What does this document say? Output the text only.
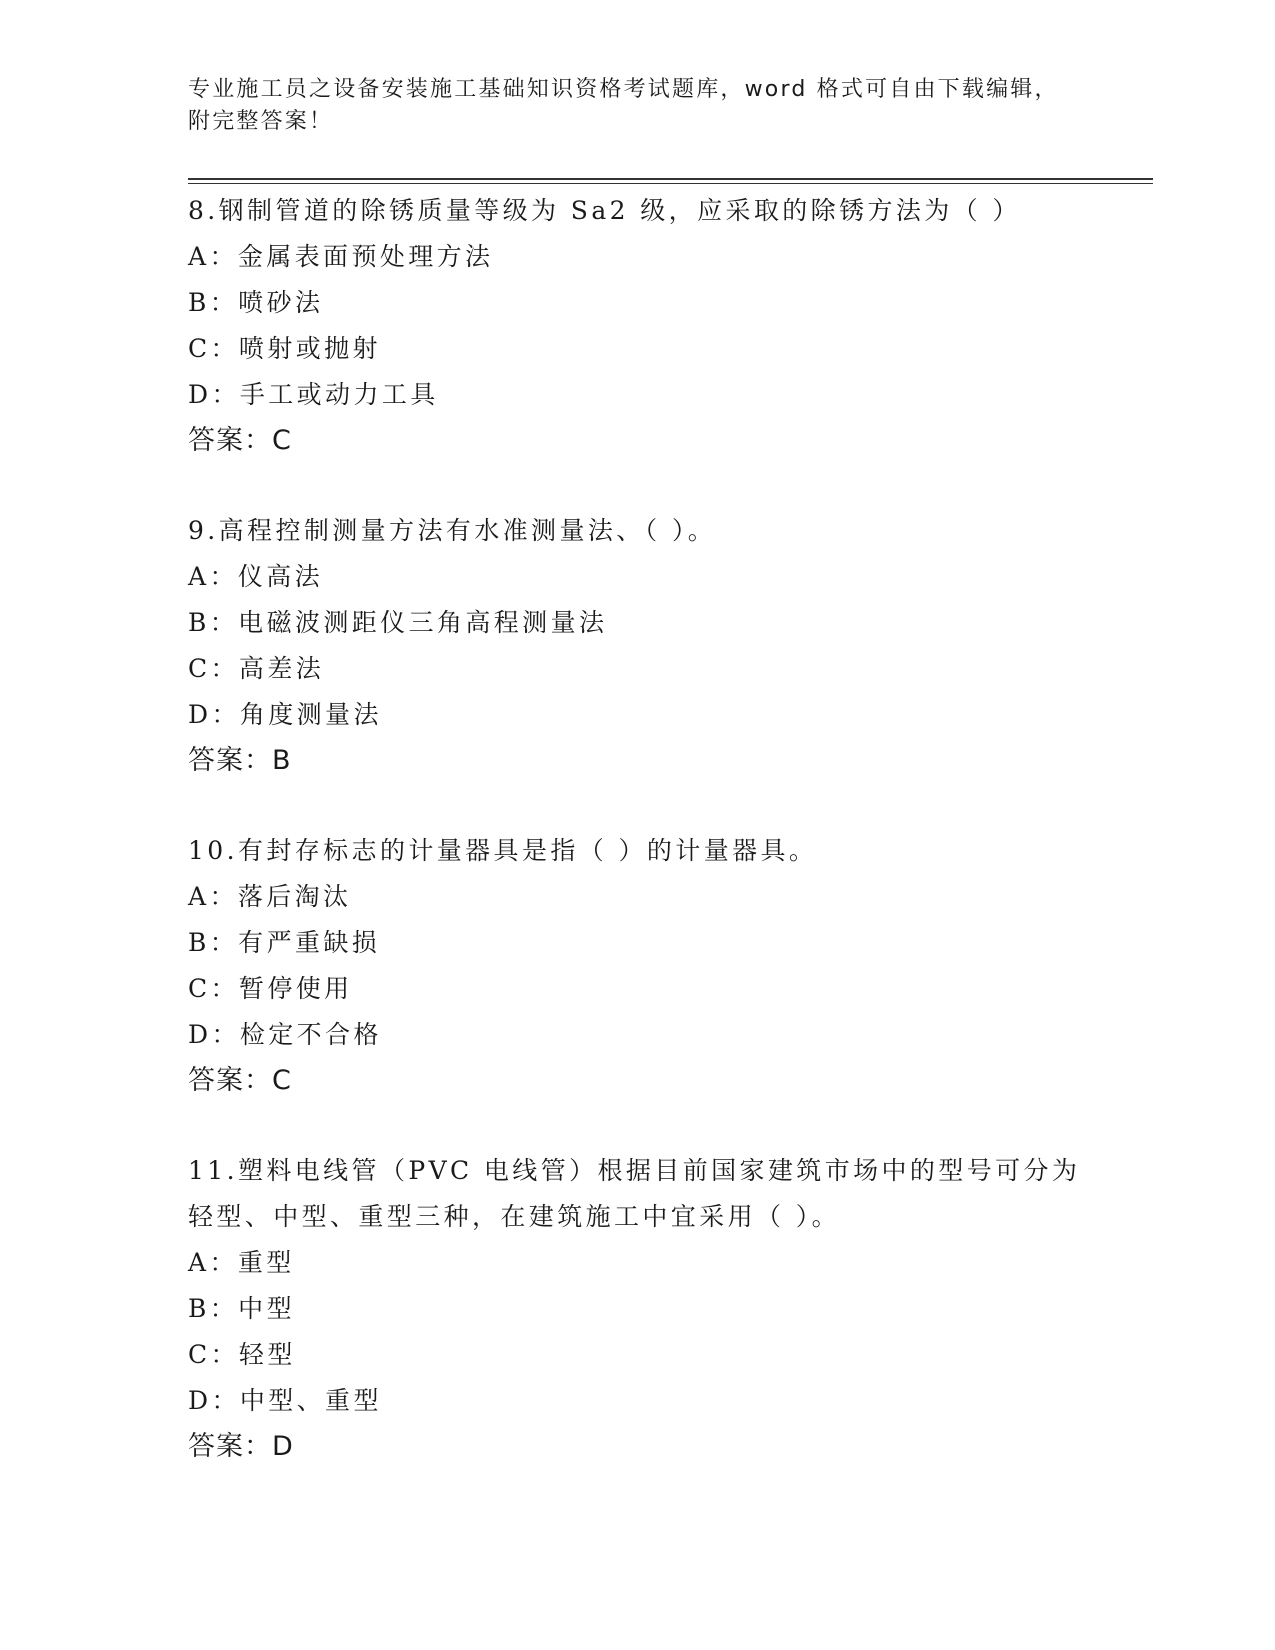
专业施工员之设备安装施工基础知识资格考试题库，word 格式可自由下载编辑，
附完整答案！
8.钢制管道的除锈质量等级为 Sa2 级，应采取的除锈方法为（ ）
A：金属表面预处理方法
B：喷砂法
C：喷射或抛射
D：手工或动力工具
答案：C
9.高程控制测量方法有水准测量法、（ ）。
A：仪高法
B：电磁波测距仪三角高程测量法
C：高差法
D：角度测量法
答案：B
10.有封存标志的计量器具是指（ ）的计量器具。
A：落后淘汰
B：有严重缺损
C：暂停使用
D：检定不合格
答案：C
11.塑料电线管（PVC 电线管）根据目前国家建筑市场中的型号可分为
轻型、中型、重型三种，在建筑施工中宜采用（ ）。
A：重型
B：中型
C：轻型
D：中型、重型
答案：D
